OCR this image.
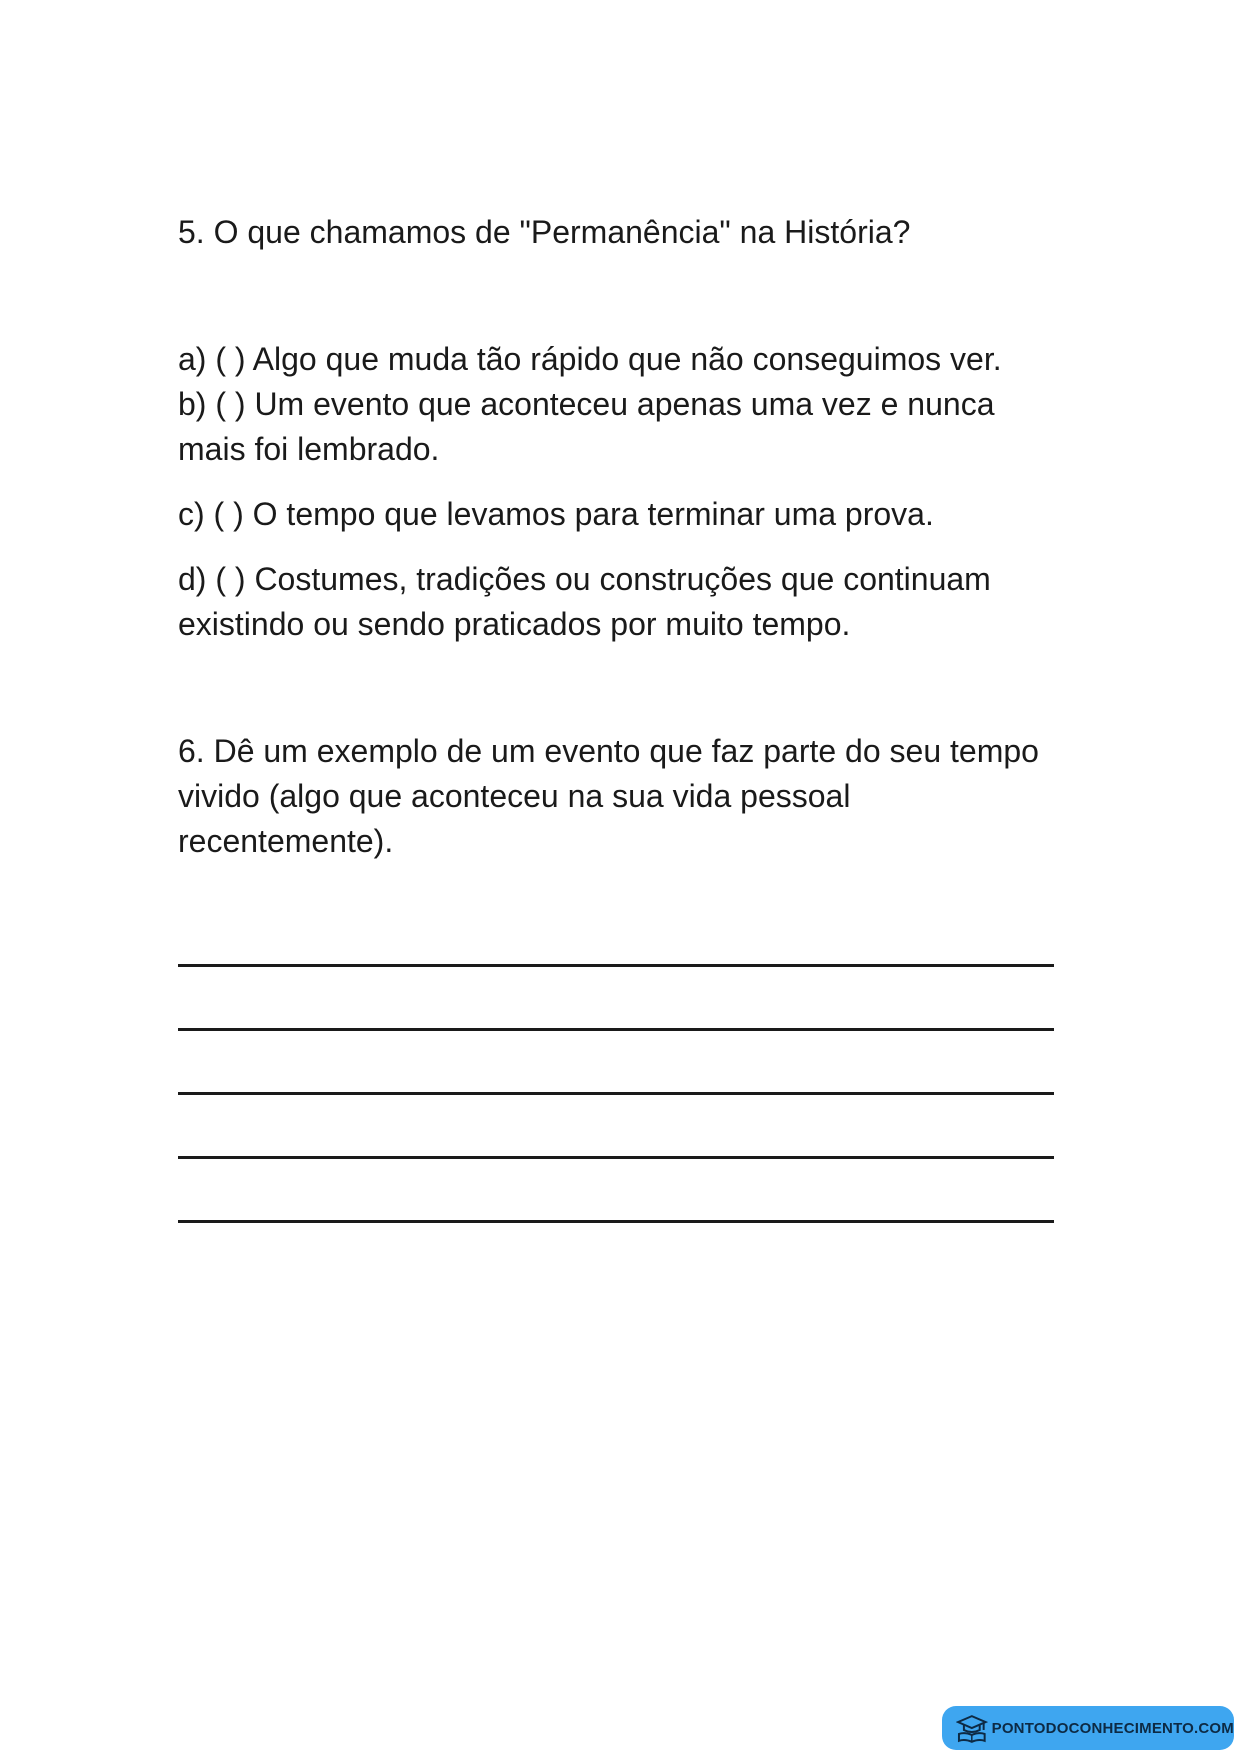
5. O que chamamos de "Permanência" na História?

a) ( ) Algo que muda tão rápido que não conseguimos ver.

b) ( ) Um evento que aconteceu apenas uma vez e nunca mais foi lembrado.

c) ( ) O tempo que levamos para terminar uma prova.

d) ( ) Costumes, tradições ou construções que continuam existindo ou sendo praticados por muito tempo.

6. Dê um exemplo de um evento que faz parte do seu tempo vivido (algo que aconteceu na sua vida pessoal recentemente).

PONTODOCONHECIMENTO.COM
